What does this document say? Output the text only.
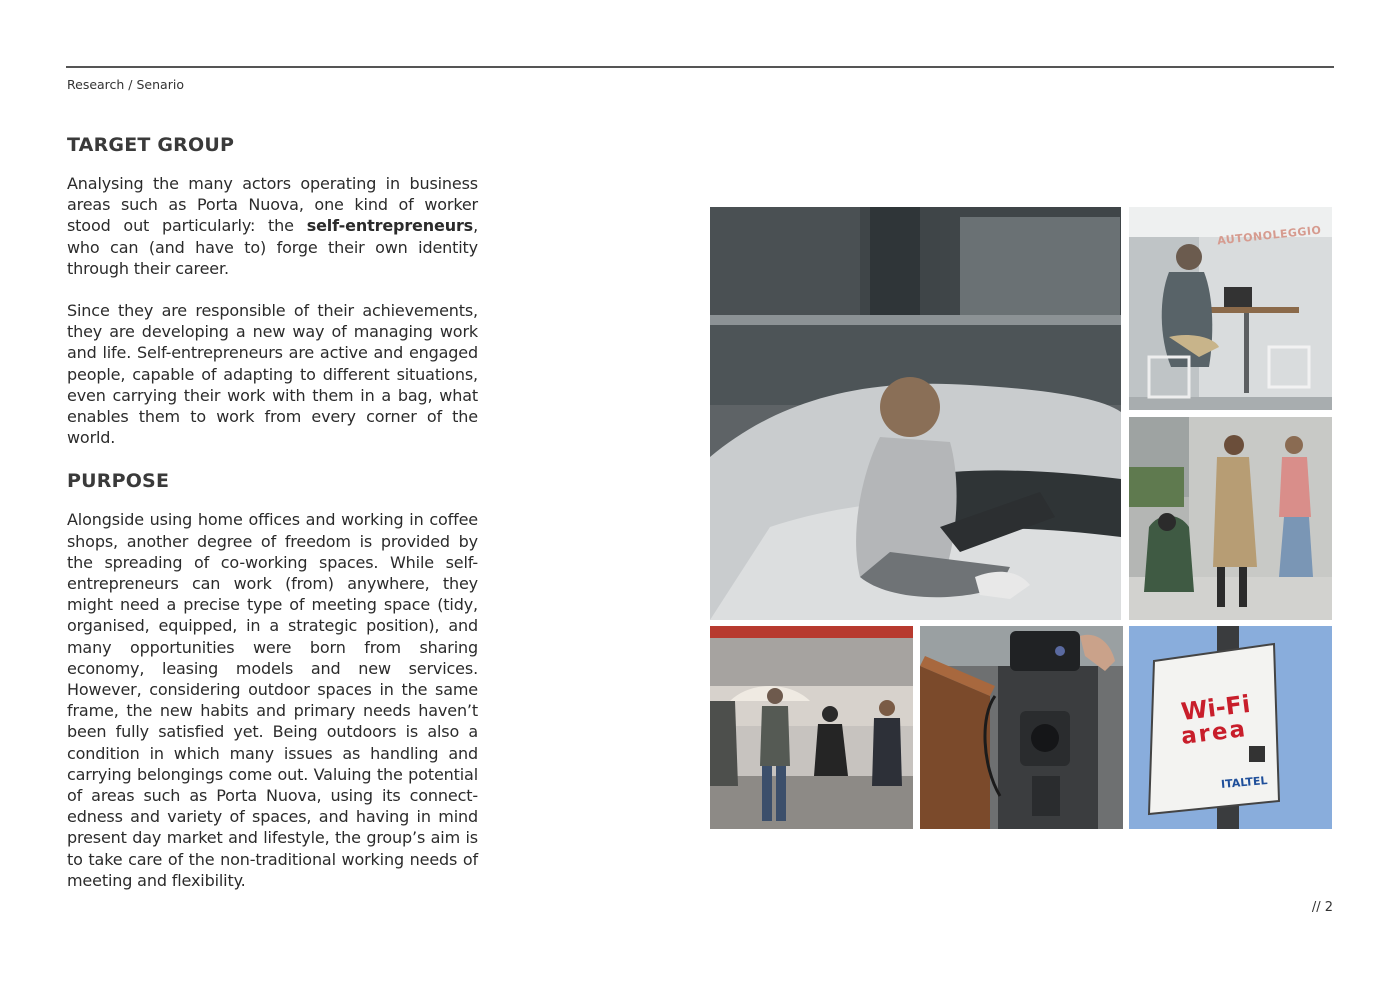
Research / Senario
TARGET GROUP

Analysing the many actors operating in business areas such as Porta Nuova, one kind of worker stood out particularly: the self-entrepreneurs, who can (and have to) forge their own identity through their career.

Since they are responsible of their achievements, they are developing a new way of managing work and life. Self-entrepreneurs are active and engaged people, capable of adapting to different situations, even carrying their work with them in a bag, what enables them to work from every corner of the world.

PURPOSE

Alongside using home offices and working in coffee shops, another degree of freedom is provided by the spreading of co-working spaces. While self-entrepreneurs can work (from) anywhere, they might need a precise type of meeting space (tidy, organised, equipped, in a strategic position), and many opportunities were born from sharing economy, leasing models and new services. However, considering outdoor spaces in the same frame, the new habits and primary needs haven’t been fully satisfied yet. Being outdoors is also a condition in which many issues as handling and carrying belongings come out. Valuing the potential of areas such as Porta Nuova, using its connect-edness and variety of spaces, and having in mind present day market and lifestyle, the group’s aim is to take care of the non-traditional working needs of meeting and flexibility.

AUTONOLEGGIO
Wi-Fi
area
ITALTEL
// 2
